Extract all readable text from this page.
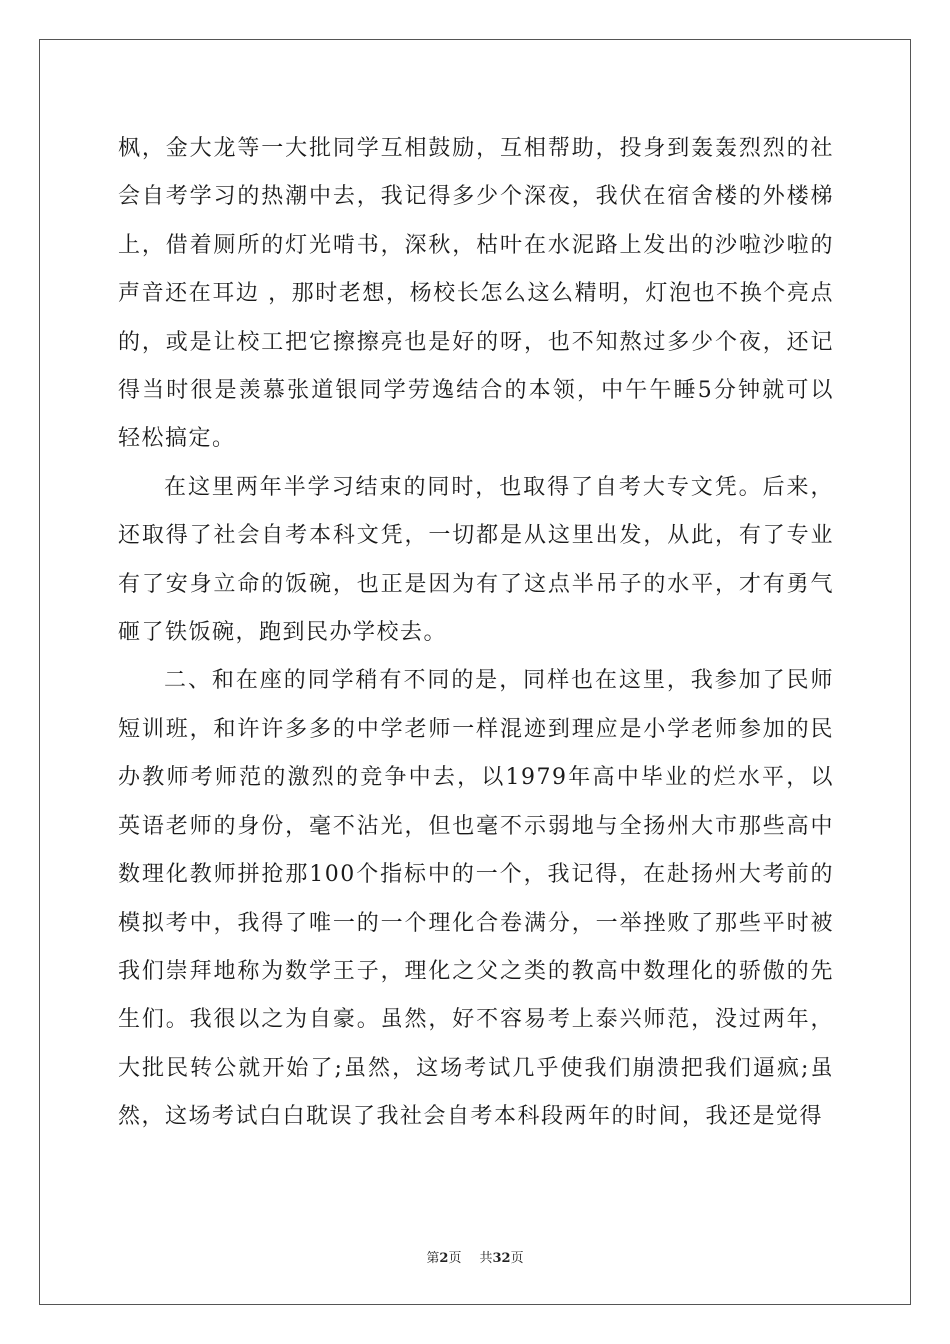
枫，金大龙等一大批同学互相鼓励，互相帮助，投身到轰轰烈烈的社会自考学习的热潮中去，我记得多少个深夜，我伏在宿舍楼的外楼梯上，借着厕所的灯光啃书，深秋，枯叶在水泥路上发出的沙啦沙啦的声音还在耳边 ，那时老想，杨校长怎么这么精明，灯泡也不换个亮点的，或是让校工把它擦擦亮也是好的呀，也不知熬过多少个夜，还记得当时很是羡慕张道银同学劳逸结合的本领，中午午睡5分钟就可以轻松搞定。

在这里两年半学习结束的同时，也取得了自考大专文凭。后来，还取得了社会自考本科文凭，一切都是从这里出发，从此，有了专业有了安身立命的饭碗，也正是因为有了这点半吊子的水平，才有勇气砸了铁饭碗，跑到民办学校去。

二、和在座的同学稍有不同的是，同样也在这里，我参加了民师短训班，和许许多多的中学老师一样混迹到理应是小学老师参加的民办教师考师范的激烈的竞争中去，以1979年高中毕业的烂水平，以英语老师的身份，毫不沾光，但也毫不示弱地与全扬州大市那些高中数理化教师拼抢那100个指标中的一个，我记得，在赴扬州大考前的模拟考中，我得了唯一的一个理化合卷满分，一举挫败了那些平时被我们崇拜地称为数学王子，理化之父之类的教高中数理化的骄傲的先生们。我很以之为自豪。虽然，好不容易考上泰兴师范，没过两年，大批民转公就开始了;虽然，这场考试几乎使我们崩溃把我们逼疯;虽然，这场考试白白耽误了我社会自考本科段两年的时间，我还是觉得

第2页 共32页
